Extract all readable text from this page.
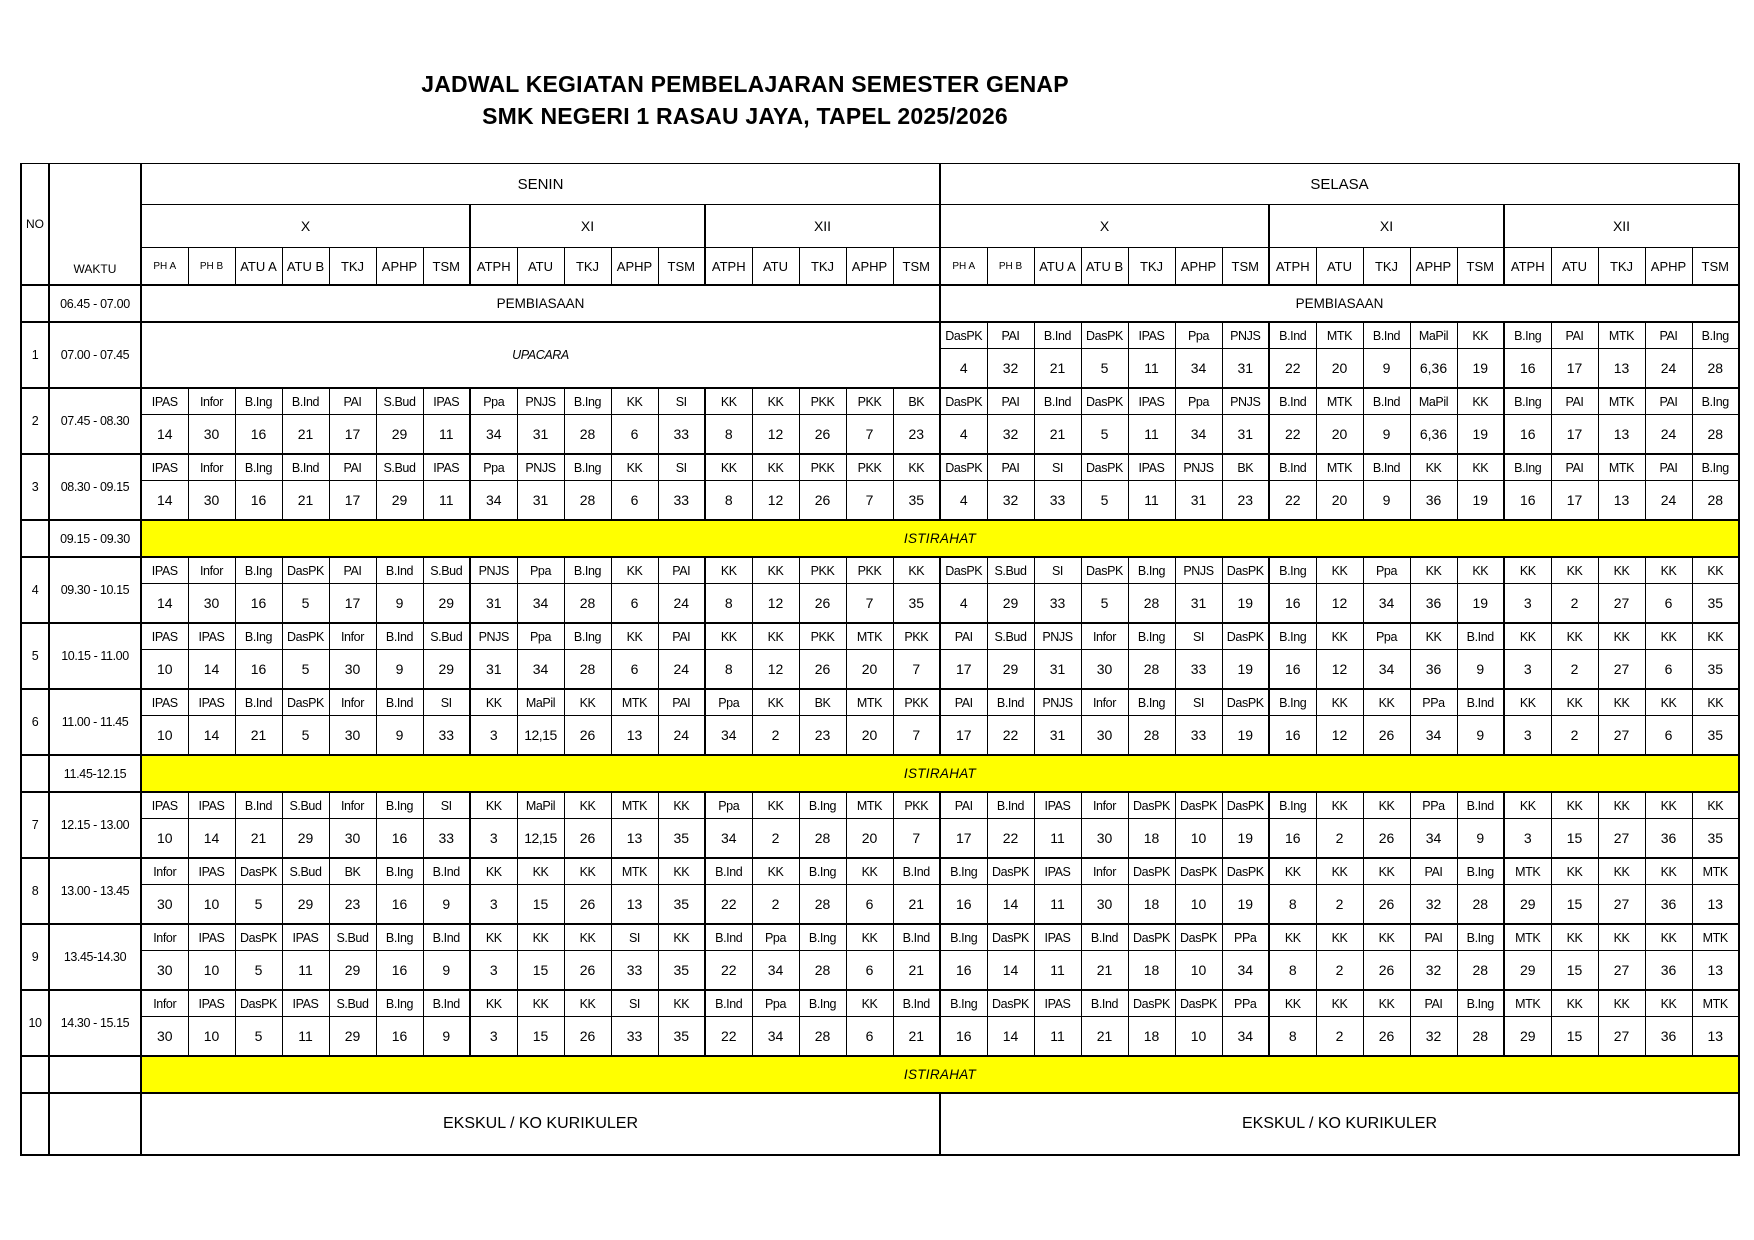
JADWAL KEGIATAN PEMBELAJARAN SEMESTER GENAP
SMK NEGERI 1 RASAU JAYA, TAPEL 2025/2026
NO	WAKTU	SENIN																	SELASA																
		X							XI					XII					X							XI					XII				
		PH A	PH B	ATU A	ATU B	TKJ	APHP	TSM	ATPH	ATU	TKJ	APHP	TSM	ATPH	ATU	TKJ	APHP	TSM	PH A	PH B	ATU A	ATU B	TKJ	APHP	TSM	ATPH	ATU	TKJ	APHP	TSM	ATPH	ATU	TKJ	APHP	TSM
	06.45 - 07.00	PEMBIASAAN																	PEMBIASAAN																
1	07.00 - 07.45	UPACARA																	DasPK	PAI	B.Ind	DasPK	IPAS	Ppa	PNJS	B.Ind	MTK	B.Ind	MaPil	KK	B.Ing	PAI	MTK	PAI	B.Ing
																			4	32	21	5	11	34	31	22	20	9	6,36	19	16	17	13	24	28
2	07.45 - 08.30	IPAS	Infor	B.Ing	B.Ind	PAI	S.Bud	IPAS	Ppa	PNJS	B.Ing	KK	SI	KK	KK	PKK	PKK	BK	DasPK	PAI	B.Ind	DasPK	IPAS	Ppa	PNJS	B.Ind	MTK	B.Ind	MaPil	KK	B.Ing	PAI	MTK	PAI	B.Ing
		14	30	16	21	17	29	11	34	31	28	6	33	8	12	26	7	23	4	32	21	5	11	34	31	22	20	9	6,36	19	16	17	13	24	28
3	08.30 - 09.15	IPAS	Infor	B.Ing	B.Ind	PAI	S.Bud	IPAS	Ppa	PNJS	B.Ing	KK	SI	KK	KK	PKK	PKK	KK	DasPK	PAI	SI	DasPK	IPAS	PNJS	BK	B.Ind	MTK	B.Ind	KK	KK	B.Ing	PAI	MTK	PAI	B.Ing
		14	30	16	21	17	29	11	34	31	28	6	33	8	12	26	7	35	4	32	33	5	11	31	23	22	20	9	36	19	16	17	13	24	28
	09.15 - 09.30	ISTIRAHAT																																	
4	09.30 - 10.15	IPAS	Infor	B.Ing	DasPK	PAI	B.Ind	S.Bud	PNJS	Ppa	B.Ing	KK	PAI	KK	KK	PKK	PKK	KK	DasPK	S.Bud	SI	DasPK	B.Ing	PNJS	DasPK	B.Ing	KK	Ppa	KK	KK	KK	KK	KK	KK	KK
		14	30	16	5	17	9	29	31	34	28	6	24	8	12	26	7	35	4	29	33	5	28	31	19	16	12	34	36	19	3	2	27	6	35
5	10.15 - 11.00	IPAS	IPAS	B.Ing	DasPK	Infor	B.Ind	S.Bud	PNJS	Ppa	B.Ing	KK	PAI	KK	KK	PKK	MTK	PKK	PAI	S.Bud	PNJS	Infor	B.Ing	SI	DasPK	B.Ing	KK	Ppa	KK	B.Ind	KK	KK	KK	KK	KK
		10	14	16	5	30	9	29	31	34	28	6	24	8	12	26	20	7	17	29	31	30	28	33	19	16	12	34	36	9	3	2	27	6	35
6	11.00 - 11.45	IPAS	IPAS	B.Ind	DasPK	Infor	B.Ind	SI	KK	MaPil	KK	MTK	PAI	Ppa	KK	BK	MTK	PKK	PAI	B.Ind	PNJS	Infor	B.Ing	SI	DasPK	B.Ing	KK	KK	PPa	B.Ind	KK	KK	KK	KK	KK
		10	14	21	5	30	9	33	3	12,15	26	13	24	34	2	23	20	7	17	22	31	30	28	33	19	16	12	26	34	9	3	2	27	6	35
	11.45-12.15	ISTIRAHAT																																	
7	12.15 - 13.00	IPAS	IPAS	B.Ind	S.Bud	Infor	B.Ing	SI	KK	MaPil	KK	MTK	KK	Ppa	KK	B.Ing	MTK	PKK	PAI	B.Ind	IPAS	Infor	DasPK	DasPK	DasPK	B.Ing	KK	KK	PPa	B.Ind	KK	KK	KK	KK	KK
		10	14	21	29	30	16	33	3	12,15	26	13	35	34	2	28	20	7	17	22	11	30	18	10	19	16	2	26	34	9	3	15	27	36	35
8	13.00 - 13.45	Infor	IPAS	DasPK	S.Bud	BK	B.Ing	B.Ind	KK	KK	KK	MTK	KK	B.Ind	KK	B.Ing	KK	B.Ind	B.Ing	DasPK	IPAS	Infor	DasPK	DasPK	DasPK	KK	KK	KK	PAI	B.Ing	MTK	KK	KK	KK	MTK
		30	10	5	29	23	16	9	3	15	26	13	35	22	2	28	6	21	16	14	11	30	18	10	19	8	2	26	32	28	29	15	27	36	13
9	13.45-14.30	Infor	IPAS	DasPK	IPAS	S.Bud	B.Ing	B.Ind	KK	KK	KK	SI	KK	B.Ind	Ppa	B.Ing	KK	B.Ind	B.Ing	DasPK	IPAS	B.Ind	DasPK	DasPK	PPa	KK	KK	KK	PAI	B.Ing	MTK	KK	KK	KK	MTK
		30	10	5	11	29	16	9	3	15	26	33	35	22	34	28	6	21	16	14	11	21	18	10	34	8	2	26	32	28	29	15	27	36	13
10	14.30 - 15.15	Infor	IPAS	DasPK	IPAS	S.Bud	B.Ing	B.Ind	KK	KK	KK	SI	KK	B.Ind	Ppa	B.Ing	KK	B.Ind	B.Ing	DasPK	IPAS	B.Ind	DasPK	DasPK	PPa	KK	KK	KK	PAI	B.Ing	MTK	KK	KK	KK	MTK
		30	10	5	11	29	16	9	3	15	26	33	35	22	34	28	6	21	16	14	11	21	18	10	34	8	2	26	32	28	29	15	27	36	13
		ISTIRAHAT																																	
		EKSKUL / KO KURIKULER																	EKSKUL / KO KURIKULER																
